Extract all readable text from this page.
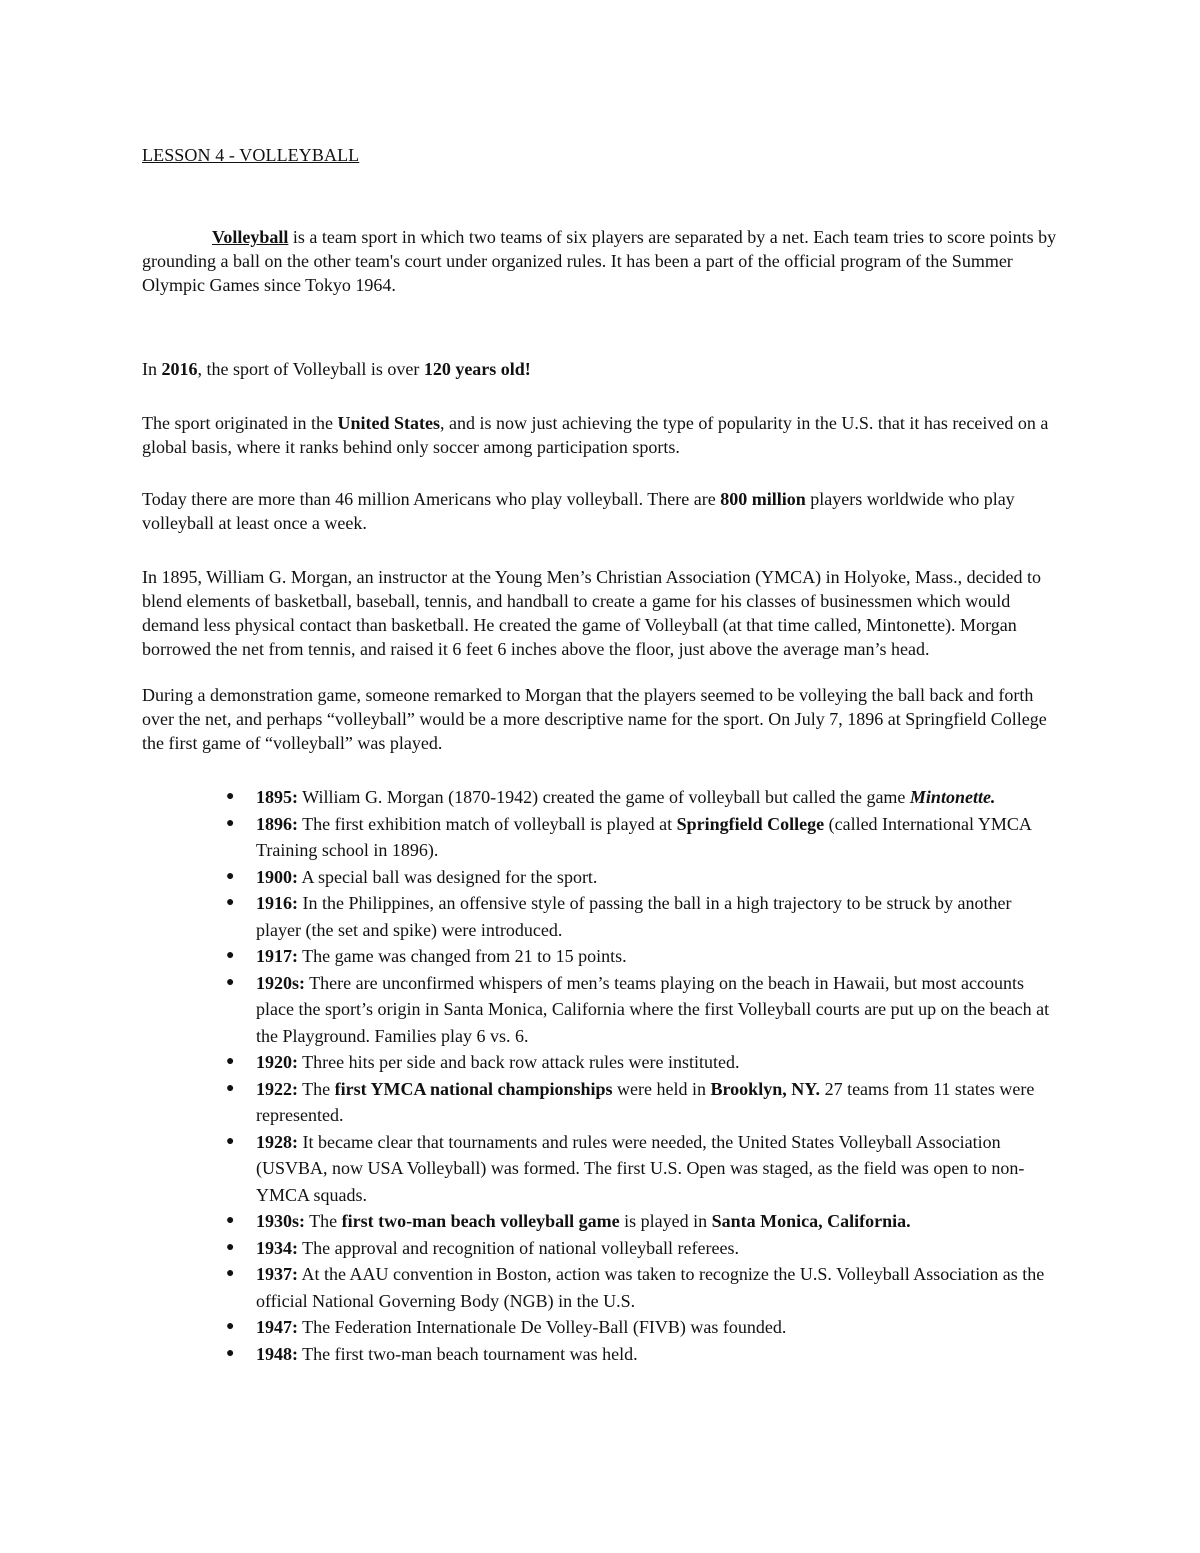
LESSON 4 - VOLLEYBALL
Volleyball is a team sport in which two teams of six players are separated by a net. Each team tries to score points by grounding a ball on the other team's court under organized rules. It has been a part of the official program of the Summer Olympic Games since Tokyo 1964.
In 2016, the sport of Volleyball is over 120 years old!
The sport originated in the United States, and is now just achieving the type of popularity in the U.S. that it has received on a global basis, where it ranks behind only soccer among participation sports.
Today there are more than 46 million Americans who play volleyball. There are 800 million players worldwide who play volleyball at least once a week.
In 1895, William G. Morgan, an instructor at the Young Men’s Christian Association (YMCA) in Holyoke, Mass., decided to blend elements of basketball, baseball, tennis, and handball to create a game for his classes of businessmen which would demand less physical contact than basketball. He created the game of Volleyball (at that time called, Mintonette). Morgan borrowed the net from tennis, and raised it 6 feet 6 inches above the floor, just above the average man’s head.
During a demonstration game, someone remarked to Morgan that the players seemed to be volleying the ball back and forth over the net, and perhaps “volleyball” would be a more descriptive name for the sport. On July 7, 1896 at Springfield College the first game of “volleyball” was played.
● 1895: William G. Morgan (1870-1942) created the game of volleyball but called the game Mintonette.
● 1896: The first exhibition match of volleyball is played at Springfield College (called International YMCA Training school in 1896).
● 1900: A special ball was designed for the sport.
● 1916: In the Philippines, an offensive style of passing the ball in a high trajectory to be struck by another player (the set and spike) were introduced.
● 1917: The game was changed from 21 to 15 points.
● 1920s: There are unconfirmed whispers of men’s teams playing on the beach in Hawaii, but most accounts place the sport’s origin in Santa Monica, California where the first Volleyball courts are put up on the beach at the Playground. Families play 6 vs. 6.
● 1920: Three hits per side and back row attack rules were instituted.
● 1922: The first YMCA national championships were held in Brooklyn, NY. 27 teams from 11 states were represented.
● 1928: It became clear that tournaments and rules were needed, the United States Volleyball Association (USVBA, now USA Volleyball) was formed. The first U.S. Open was staged, as the field was open to non-YMCA squads.
● 1930s: The first two-man beach volleyball game is played in Santa Monica, California.
● 1934: The approval and recognition of national volleyball referees.
● 1937: At the AAU convention in Boston, action was taken to recognize the U.S. Volleyball Association as the official National Governing Body (NGB) in the U.S.
● 1947: The Federation Internationale De Volley-Ball (FIVB) was founded.
● 1948: The first two-man beach tournament was held.
